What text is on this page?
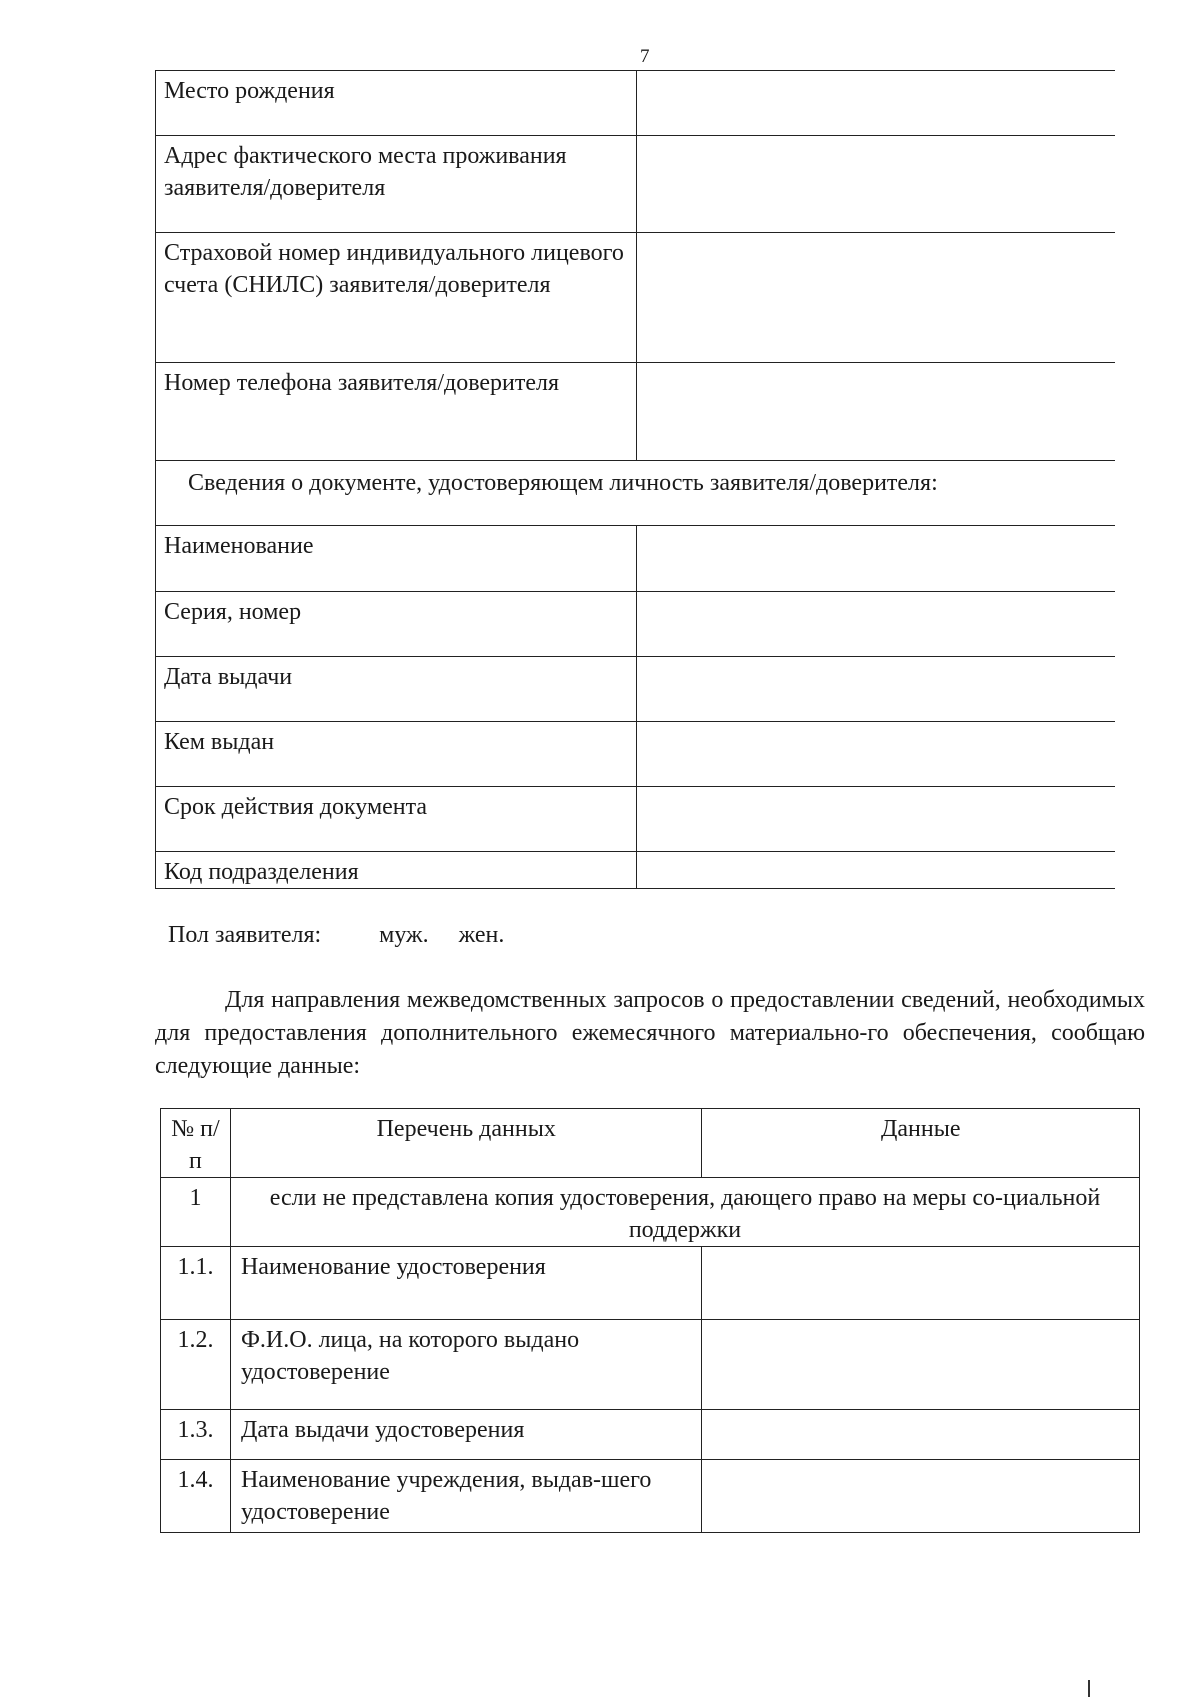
7
Место рождения	
Адрес фактического места проживания заявителя/доверителя	
Страховой номер индивидуального лицевого счета (СНИЛС) заявителя/доверителя	
Номер телефона заявителя/доверителя	
Сведения о документе, удостоверяющем личность заявителя/доверителя:	
Наименование	
Серия, номер	
Дата выдачи	
Кем выдан	
Срок действия документа	
Код подразделения	
Пол заявителя: муж. жен.
Для направления межведомственных запросов о предоставлении сведений, необходимых для предоставления дополнительного ежемесячного материально-го обеспечения, сообщаю следующие данные:
№ п/п	Перечень данных	Данные
1	если не представлена копия удостоверения, дающего право на меры со-циальной поддержки	
1.1.	Наименование удостоверения	
1.2.	Ф.И.О. лица, на которого выдано удостоверение	
1.3.	Дата выдачи удостоверения	
1.4.	Наименование учреждения, выдав-шего удостоверение	
